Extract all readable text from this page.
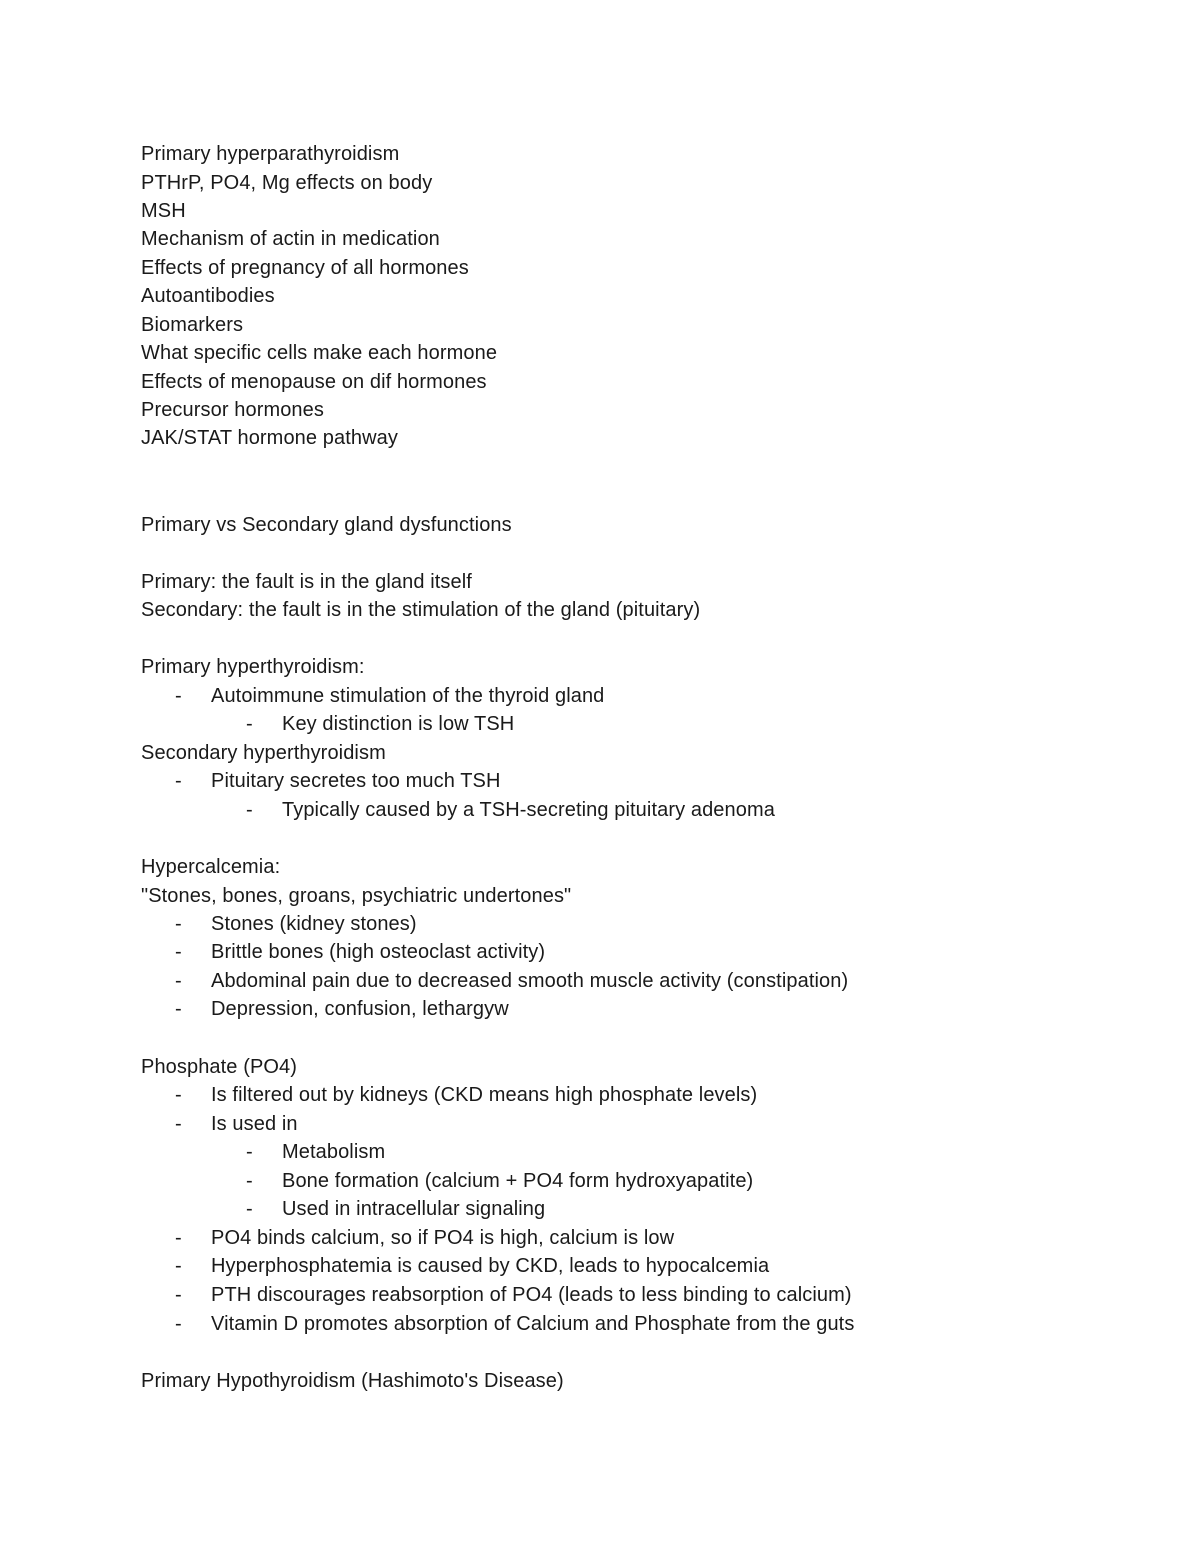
Primary hyperparathyroidism
PTHrP, PO4, Mg effects on body
MSH
Mechanism of actin in medication
Effects of pregnancy of all hormones
Autoantibodies
Biomarkers
What specific cells make each hormone
Effects of menopause on dif hormones
Precursor hormones
JAK/STAT hormone pathway
Primary vs Secondary gland dysfunctions
Primary: the fault is in the gland itself
Secondary: the fault is in the stimulation of the gland (pituitary)
Primary hyperthyroidism:
- Autoimmune stimulation of the thyroid gland
- Key distinction is low TSH
Secondary hyperthyroidism
- Pituitary secretes too much TSH
- Typically caused by a TSH-secreting pituitary adenoma
Hypercalcemia:
"Stones, bones, groans, psychiatric undertones"
- Stones (kidney stones)
- Brittle bones (high osteoclast activity)
- Abdominal pain due to decreased smooth muscle activity (constipation)
- Depression, confusion, lethargyw
Phosphate (PO4)
- Is filtered out by kidneys (CKD means high phosphate levels)
- Is used in
- Metabolism
- Bone formation (calcium + PO4 form hydroxyapatite)
- Used in intracellular signaling
- PO4 binds calcium, so if PO4 is high, calcium is low
- Hyperphosphatemia is caused by CKD, leads to hypocalcemia
- PTH discourages reabsorption of PO4 (leads to less binding to calcium)
- Vitamin D promotes absorption of Calcium and Phosphate from the guts
Primary Hypothyroidism (Hashimoto's Disease)
